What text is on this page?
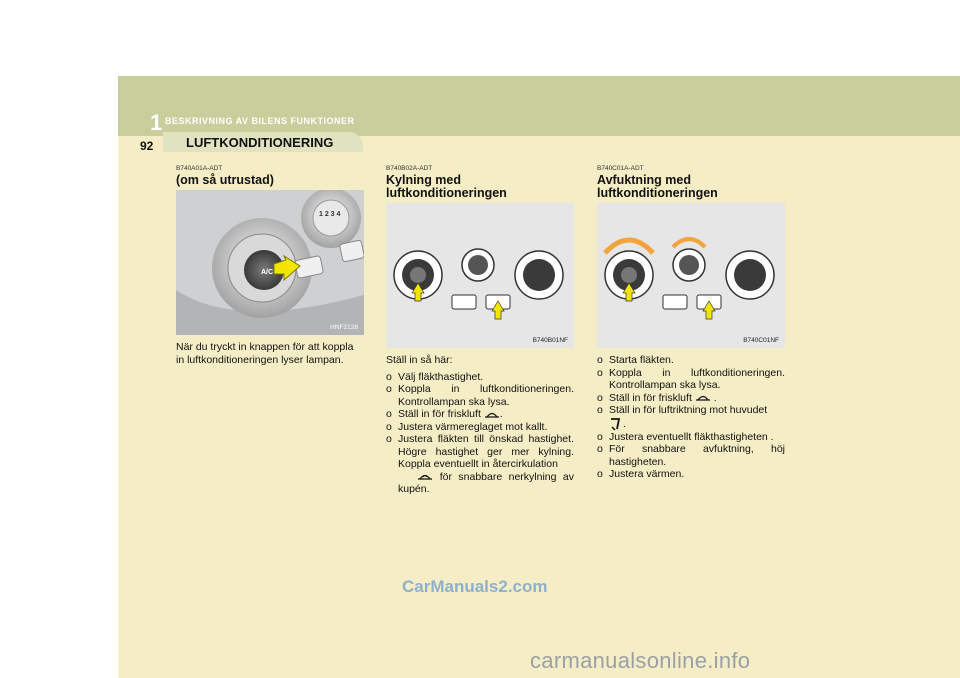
1 BESKRIVNING AV BILENS FUNKTIONER
92	LUFTKONDITIONERING
B740A01A-ADT
(om så utrustad)
A/C
1 2 3 4
HNF2128

När du tryckt in knappen för att koppla in luftkonditioneringen lyser lampan.

B740B02A-ADT
Kylning med
luftkonditioneringen
B740B01NF

Ställ in så här:

o Välj fläkthastighet.
o Koppla in luftkonditioneringen. Kontrollampan ska lysa.
o Ställ in för friskluft .
o Justera värmereglaget mot kallt.
o Justera fläkten till önskad hastighet. Högre hastighet ger mer kylning. Koppla eventuellt in återcirkulation
för snabbare nerkylning av kupén.
B740C01A-ADT
Avfuktning med
luftkonditioneringen
B740C01NF
o Starta fläkten.
o Koppla in luftkonditioneringen. Kontrollampan ska lysa.
o Ställ in för friskluft .
o Ställ in för luftriktning mot huvudet
.
o Justera eventuellt fläkthastigheten .
o För snabbare avfuktning, höj hastigheten.
o Justera värmen.
CarManuals2.com
carmanualsonline.info
